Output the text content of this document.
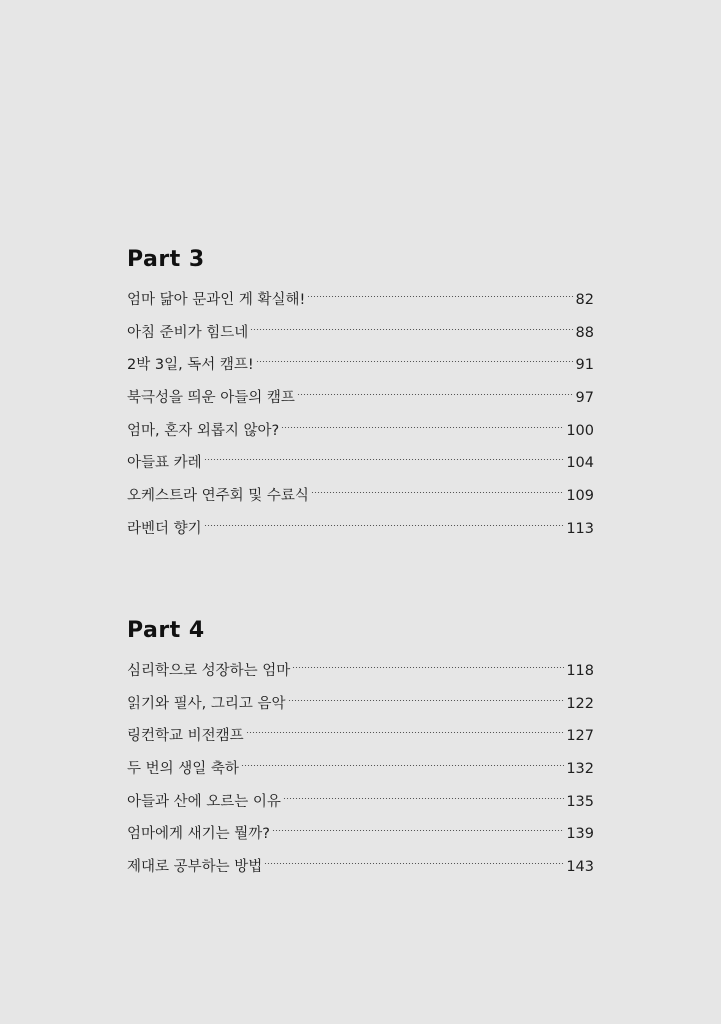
Part 3
엄마 닮아 문과인 게 확실해!	82
아침 준비가 힘드네	88
2박 3일, 독서 캠프!	91
북극성을 띄운 아들의 캠프	97
엄마, 혼자 외롭지 않아?	100
아들표 카레	104
오케스트라 연주회 및 수료식	109
라벤더 향기	113
Part 4
심리학으로 성장하는 엄마	118
읽기와 필사, 그리고 음악	122
링컨학교 비전캠프	127
두 번의 생일 축하	132
아들과 산에 오르는 이유	135
엄마에게 새기는 뭘까?	139
제대로 공부하는 방법	143
